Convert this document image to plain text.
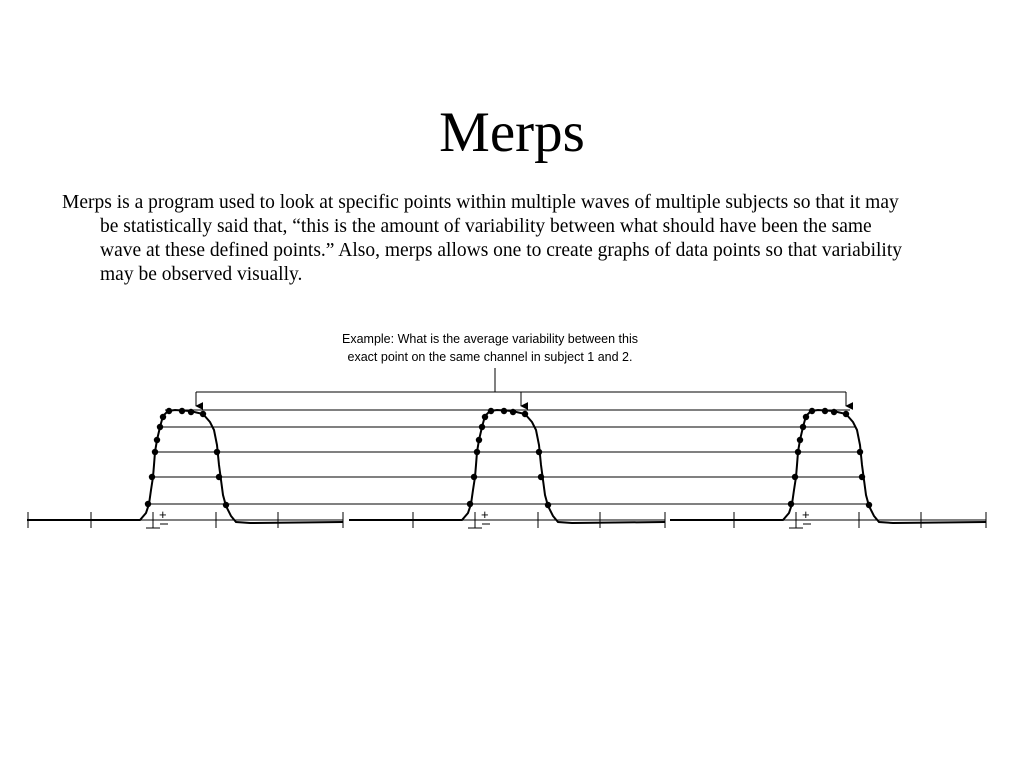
Merps

Merps is a program used to look at specific points within multiple waves of multiple subjects so that it may be statistically said that, “this is the amount of variability between what should have been the same wave at these defined points.” Also, merps allows one to create graphs of data points so that variability may be observed visually.

Example: What is the average variability between this
exact point on the same channel in subject 1 and 2.
+	+	+
